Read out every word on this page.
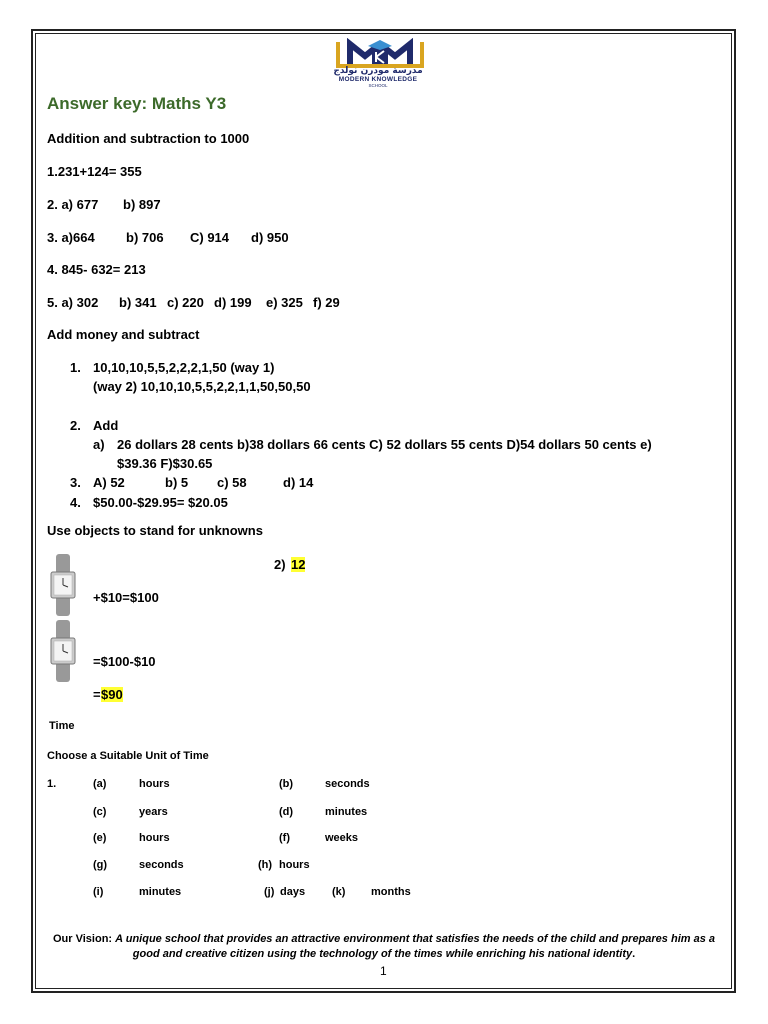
مدرسة مودرن نولدج
MODERN KNOWLEDGE
SCHOOL
Answer key: Maths Y3
Addition and subtraction to 1000
1.231+124= 355
2. a) 677 b) 897
3. a)664 b) 706 C) 914 d) 950
4. 845- 632= 213
5. a) 302 b) 341 c) 220 d) 199 e) 325 f) 29
Add money and subtract
1. 10,10,10,5,5,2,2,2,1,50 (way 1)
(way 2) 10,10,10,5,5,2,2,1,1,50,50,50
2. Add
a) 26 dollars 28 cents b)38 dollars 66 cents C) 52 dollars 55 cents D)54 dollars 50 cents e)
$39.36 F)$30.65
3. A) 52	b) 5 c) 58	d) 14
4. $50.00-$29.95= $20.05
Use objects to stand for unknowns
2) 12
+$10=$100
=$100-$10
= $90
Time
Choose a Suitable Unit of Time
1.	(a)	hours	(b)	seconds
(c)	years	(d)	minutes
(e)	hours	(f)	weeks
(g)	seconds	(h) hours
(i)	minutes	(j) days (k) months
Our Vision: A unique school that provides an attractive environment that satisfies the needs of the child and prepares him as a good and creative citizen using the technology of the times while enriching his national identity.
1
